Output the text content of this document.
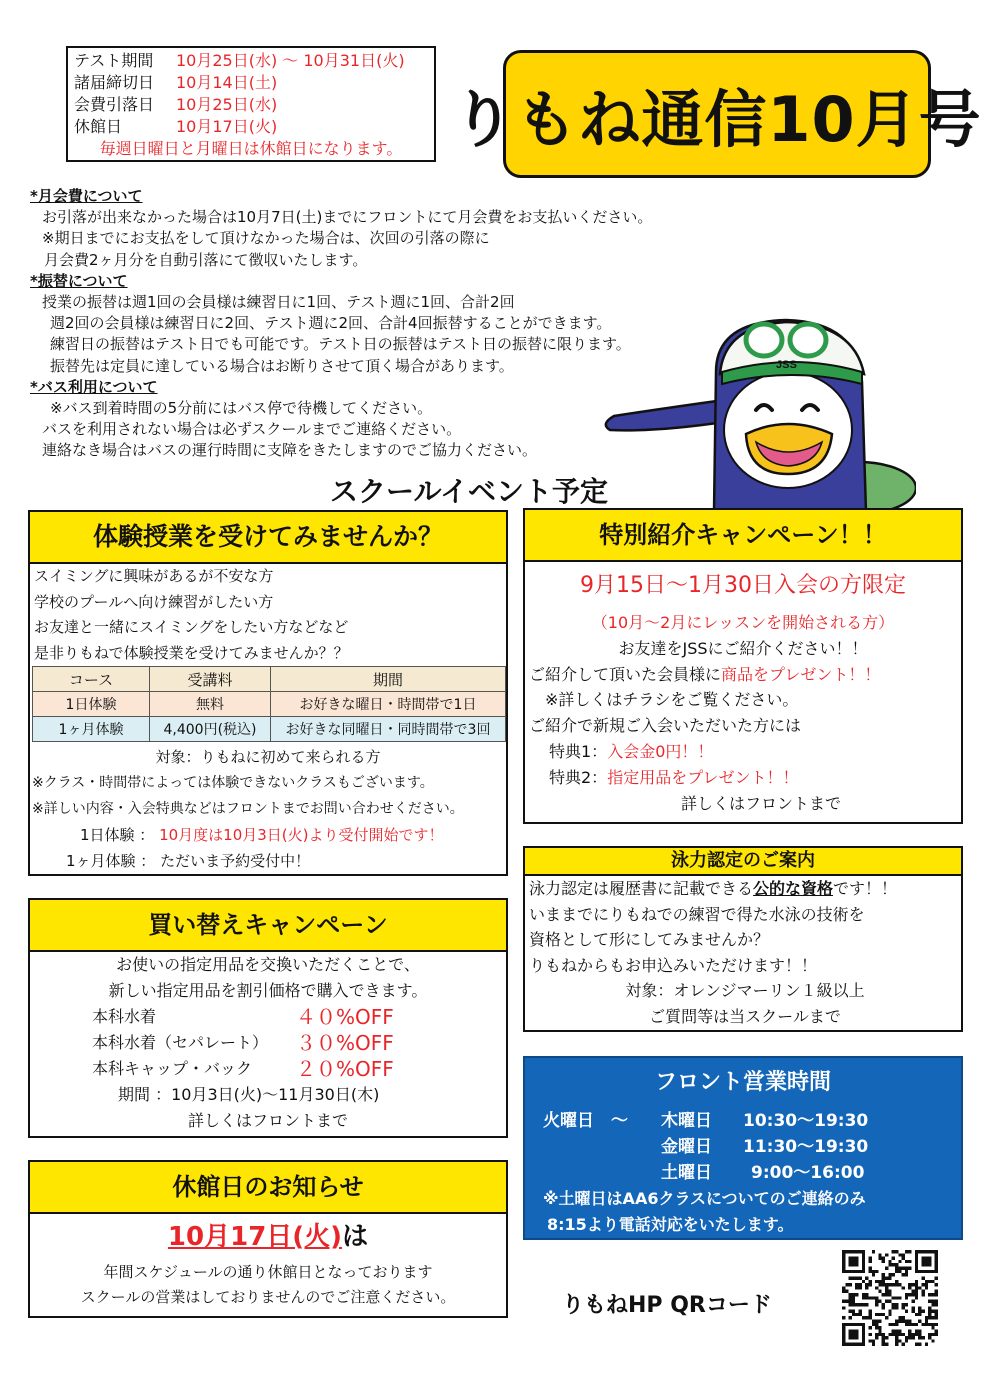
テスト期間	10月25日(水) ～ 10月31日(火)
諸届締切日	10月14日(土)
会費引落日	10月25日(水)
休館日	10月17日(火)
毎週日曜日と月曜日は休館日になります。 りもね通信10月号
*月会費について
お引落が出来なかった場合は10月7日(土)までにフロントにて月会費をお支払いください。
※期日までにお支払をして頂けなかった場合は、次回の引落の際に
月会費2ヶ月分を自動引落にて徴収いたします。
*振替について
授業の振替は週1回の会員様は練習日に1回、テスト週に1回、合計2回
週2回の会員様は練習日に2回、テスト週に2回、合計4回振替することができます。
練習日の振替はテスト日でも可能です。テスト日の振替はテスト日の振替に限ります。
振替先は定員に達している場合はお断りさせて頂く場合があります。
*バス利用について
※バス到着時間の5分前にはバス停で待機してください。
バスを利用されない場合は必ずスクールまでご連絡ください。
連絡なき場合はバスの運行時間に支障をきたしますのでご協力ください。
JSS
スクールイベント予定
体験授業を受けてみませんか？
スイミングに興味があるが不安な方
学校のプールへ向け練習がしたい方
お友達と一緒にスイミングをしたい方などなど
是非りもねで体験授業を受けてみませんか？？
コース	受講料	期間
1日体験	無料	お好きな曜日・時間帯で1日
1ヶ月体験	4,400円(税込)	お好きな同曜日・同時間帯で3回
対象：りもねに初めて来られる方
※クラス・時間帯によっては体験できないクラスもございます。
※詳しい内容・入会特典などはフロントまでお問い合わせください。
1日体験 ： 10月度は10月3日(火)より受付開始です！
1ヶ月体験 ： ただいま予約受付中！
特別紹介キャンペーン！！
9月15日～1月30日入会の方限定
（10月～2月にレッスンを開始される方）
お友達をJSSにご紹介ください！！
ご紹介して頂いた会員様に商品をプレゼント！！
※詳しくはチラシをご覧ください。
ご紹介で新規ご入会いただいた方には
特典1：入会金0円！！
特典2：指定用品をプレゼント！！
詳しくはフロントまで
泳力認定のご案内
泳力認定は履歴書に記載できる公的な資格です！！
いままでにりもねでの練習で得た水泳の技術を
資格として形にしてみませんか？
りもねからもお申込みいただけます！！
対象：オレンジマーリン１級以上
ご質問等は当スクールまで
買い替えキャンペーン
お使いの指定用品を交換いただくことで、
新しい指定用品を割引価格で購入できます。
本科水着	４０%OFF
本科水着（セパレート）	３０%OFF
本科キャップ・バック	２０%OFF
期間 ：10月3日(火)～11月30日(木)
詳しくはフロントまで
休館日のお知らせ
10月17日(火)は
年間スケジュールの通り休館日となっております
スクールの営業はしておりませんのでご注意ください。
フロント営業時間
火曜日　～	木曜日	10:30～19:30
金曜日	11:30～19:30
土曜日	9:00～16:00
※土曜日はAA6クラスについてのご連絡のみ
8:15より電話対応をいたします。
りもねHP QRコード
